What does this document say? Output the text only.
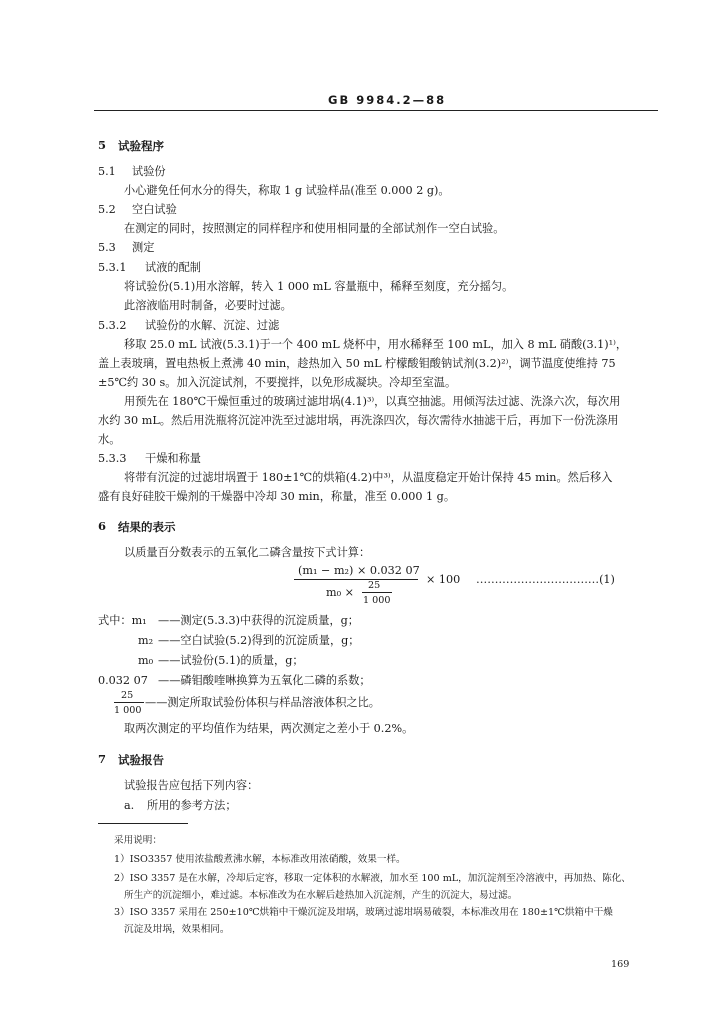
GB 9984.2—88
5 试验程序
5.1 试验份
小心避免任何水分的得失，称取 1 g 试验样品(准至 0.000 2 g)。
5.2 空白试验
在测定的同时，按照测定的同样程序和使用相同量的全部试剂作一空白试验。
5.3 测定
5.3.1 试液的配制
将试验份(5.1)用水溶解，转入 1 000 mL 容量瓶中，稀释至刻度，充分摇匀。
此溶液临用时制备，必要时过滤。
5.3.2 试验份的水解、沉淀、过滤
移取 25.0 mL 试液(5.3.1)于一个 400 mL 烧杯中，用水稀释至 100 mL，加入 8 mL 硝酸(3.1)¹⁾，
盖上表玻璃，置电热板上煮沸 40 min，趁热加入 50 mL 柠檬酸钼酸钠试剂(3.2)²⁾，调节温度使维持 75
±5℃约 30 s。加入沉淀试剂，不要搅拌，以免形成凝块。冷却至室温。
用预先在 180℃干燥恒重过的玻璃过滤坩埚(4.1)³⁾，以真空抽滤。用倾泻法过滤、洗涤六次，每次用
水约 30 mL。然后用洗瓶将沉淀冲洗至过滤坩埚，再洗涤四次，每次需待水抽滤干后，再加下一份洗涤用
水。
5.3.3 干燥和称量
将带有沉淀的过滤坩埚置于 180±1℃的烘箱(4.2)中³⁾，从温度稳定开始计保持 45 min。然后移入
盛有良好硅胶干燥剂的干燥器中冷却 30 min，称量，准至 0.000 1 g。
6 结果的表示
以质量百分数表示的五氧化二磷含量按下式计算：
(m₁ − m₂) × 0.032 07
m₀ ×
25
1 000
× 100 ……………………………(1)
式中：m₁ ——测定(5.3.3)中获得的沉淀质量，g；
m₂ ——空白试验(5.2)得到的沉淀质量，g；
m₀ ——试验份(5.1)的质量，g；
0.032 07 ——磷钼酸喹啉换算为五氧化二磷的系数；
25
1 000
——测定所取试验份体积与样品溶液体积之比。
取两次测定的平均值作为结果，两次测定之差小于 0.2%。
7 试验报告
试验报告应包括下列内容：
a. 所用的参考方法；
采用说明：
1）ISO3357 使用浓盐酸煮沸水解，本标准改用浓硝酸，效果一样。
2）ISO 3357 是在水解，冷却后定容，移取一定体积的水解液，加水至 100 mL，加沉淀剂至冷溶液中，再加热、陈化、
所生产的沉淀细小，难过滤。本标准改为在水解后趁热加入沉淀剂，产生的沉淀大，易过滤。
3）ISO 3357 采用在 250±10℃烘箱中干燥沉淀及坩埚，玻璃过滤坩埚易破裂，本标准改用在 180±1℃烘箱中干燥
沉淀及坩埚，效果相同。
169
